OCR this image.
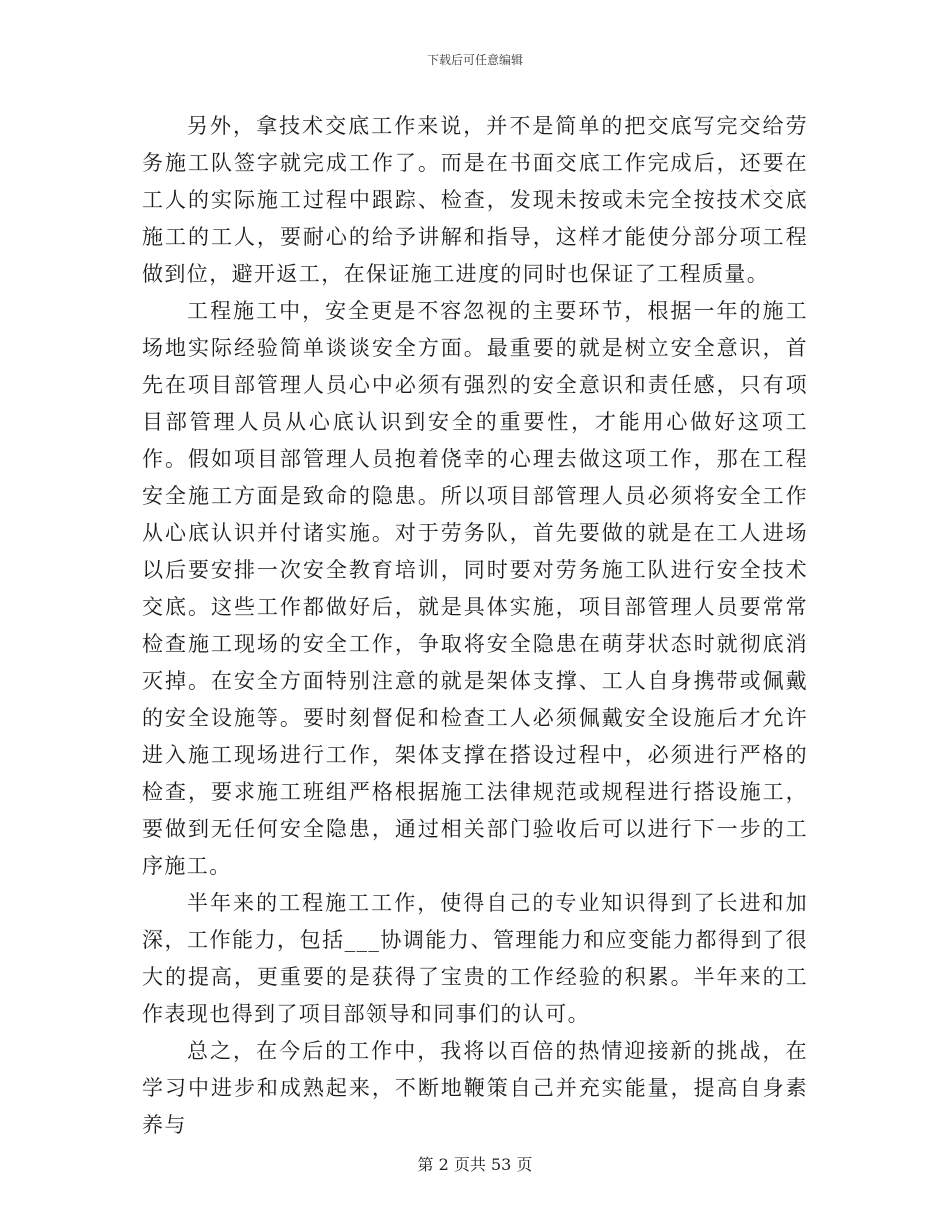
下载后可任意编辑

另外，拿技术交底工作来说，并不是简单的把交底写完交给劳务施工队签字就完成工作了。而是在书面交底工作完成后，还要在工人的实际施工过程中跟踪、检查，发现未按或未完全按技术交底施工的工人，要耐心的给予讲解和指导，这样才能使分部分项工程做到位，避开返工，在保证施工进度的同时也保证了工程质量。

工程施工中，安全更是不容忽视的主要环节，根据一年的施工场地实际经验简单谈谈安全方面。最重要的就是树立安全意识，首先在项目部管理人员心中必须有强烈的安全意识和责任感，只有项目部管理人员从心底认识到安全的重要性，才能用心做好这项工作。假如项目部管理人员抱着侥幸的心理去做这项工作，那在工程安全施工方面是致命的隐患。所以项目部管理人员必须将安全工作从心底认识并付诸实施。对于劳务队，首先要做的就是在工人进场以后要安排一次安全教育培训，同时要对劳务施工队进行安全技术交底。这些工作都做好后，就是具体实施，项目部管理人员要常常检查施工现场的安全工作，争取将安全隐患在萌芽状态时就彻底消灭掉。在安全方面特别注意的就是架体支撑、工人自身携带或佩戴的安全设施等。要时刻督促和检查工人必须佩戴安全设施后才允许进入施工现场进行工作，架体支撑在搭设过程中，必须进行严格的检查，要求施工班组严格根据施工法律规范或规程进行搭设施工，要做到无任何安全隐患，通过相关部门验收后可以进行下一步的工序施工。

半年来的工程施工工作，使得自己的专业知识得到了长进和加深，工作能力，包括___协调能力、管理能力和应变能力都得到了很大的提高，更重要的是获得了宝贵的工作经验的积累。半年来的工作表现也得到了项目部领导和同事们的认可。

总之，在今后的工作中，我将以百倍的热情迎接新的挑战，在学习中进步和成熟起来，不断地鞭策自己并充实能量，提高自身素养与

第 2 页共 53 页
